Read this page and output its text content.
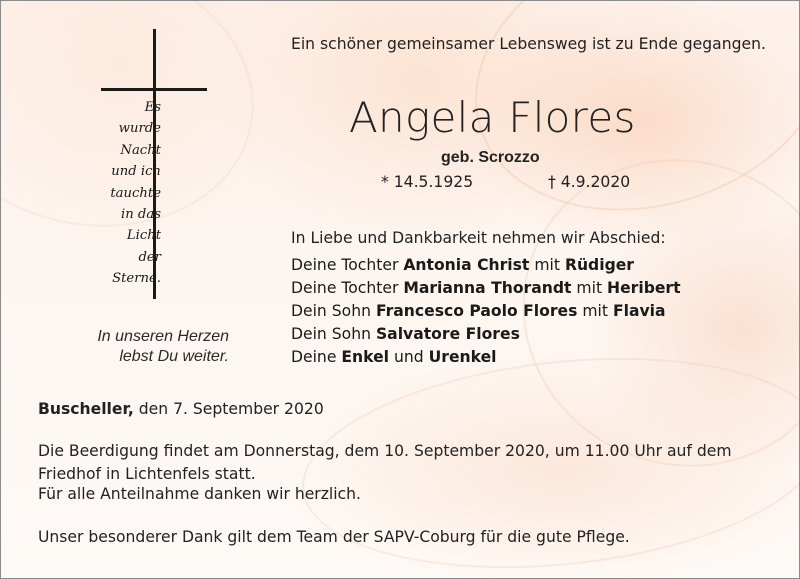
Es
wurde
Nacht
und ich
tauchte
in das
Licht
der
Sterne.
In unseren Herzen
lebst Du weiter.
Ein schöner gemeinsamer Lebensweg ist zu Ende gegangen.
Angela Flores
geb. Scrozzo
* 14.5.1925	† 4.9.2020
In Liebe und Dankbarkeit nehmen wir Abschied:
Deine Tochter Antonia Christ mit Rüdiger
Deine Tochter Marianna Thorandt mit Heribert
Dein Sohn Francesco Paolo Flores mit Flavia
Dein Sohn Salvatore Flores
Deine Enkel und Urenkel
Buscheller, den 7. September 2020
Die Beerdigung findet am Donnerstag, dem 10. September 2020, um 11.00 Uhr auf dem
Friedhof in Lichtenfels statt.
Für alle Anteilnahme danken wir herzlich.
Unser besonderer Dank gilt dem Team der SAPV-Coburg für die gute Pflege.
